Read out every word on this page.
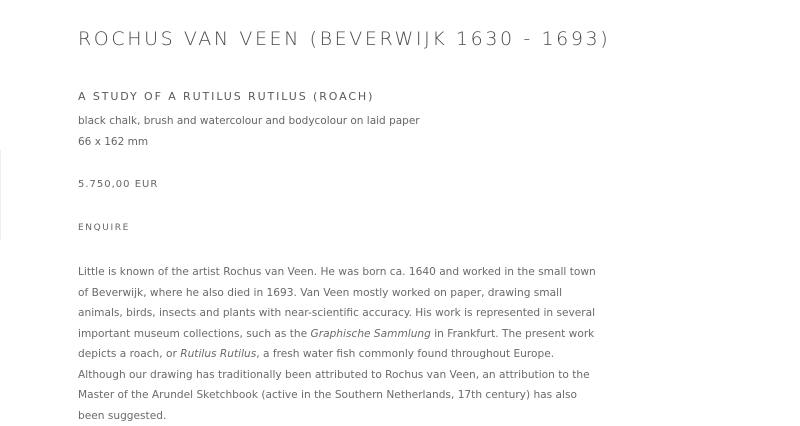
ROCHUS VAN VEEN (BEVERWIJK 1630 - 1693)
A STUDY OF A RUTILUS RUTILUS (ROACH)
black chalk, brush and watercolour and bodycolour on laid paper
66 x 162 mm
5.750,00 EUR
ENQUIRE

Little is known of the artist Rochus van Veen. He was born ca. 1640 and worked in the small town of Beverwijk, where he also died in 1693. Van Veen mostly worked on paper, drawing small animals, birds, insects and plants with near-scientific accuracy. His work is represented in several important museum collections, such as the Graphische Sammlung in Frankfurt. The present work depicts a roach, or Rutilus Rutilus, a fresh water fish commonly found throughout Europe. Although our drawing has traditionally been attributed to Rochus van Veen, an attribution to the Master of the Arundel Sketchbook (active in the Southern Netherlands, 17th century) has also been suggested.
